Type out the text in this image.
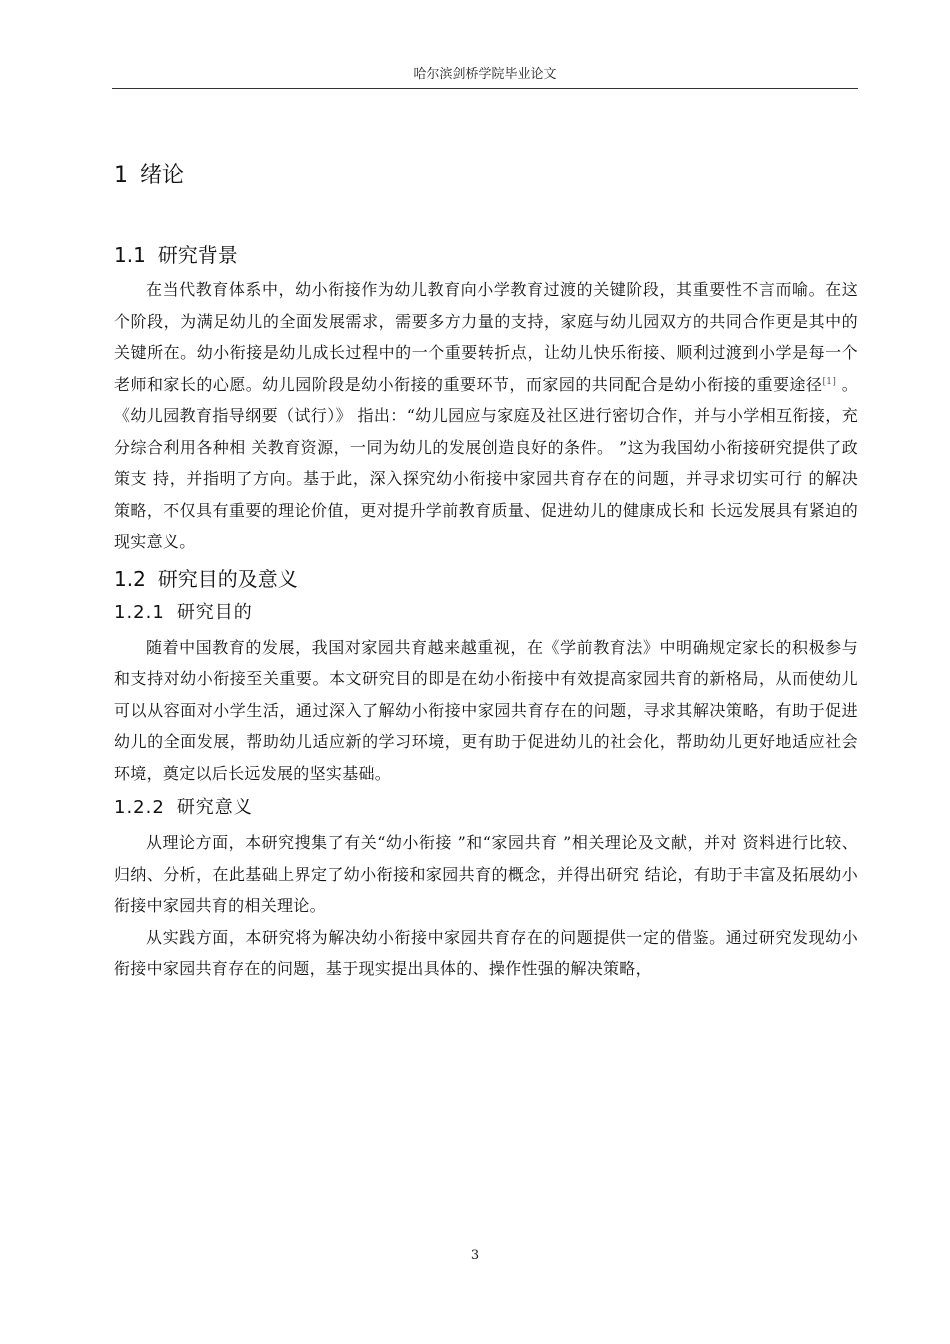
哈尔滨剑桥学院毕业论文
1 绪论
1.1 研究背景

在当代教育体系中，幼小衔接作为幼儿教育向小学教育过渡的关键阶段，其重要性不言而喻。在这个阶段，为满足幼儿的全面发展需求，需要多方力量的支持，家庭与幼儿园双方的共同合作更是其中的关键所在。幼小衔接是幼儿成长过程中的一个重要转折点，让幼儿快乐衔接、顺利过渡到小学是每一个老师和家长的心愿。幼儿园阶段是幼小衔接的重要环节，而家园的共同配合是幼小衔接的重要途径[1] 。《幼儿园教育指导纲要（试行）》 指出：“幼儿园应与家庭及社区进行密切合作，并与小学相互衔接，充分综合利用各种相 关教育资源，一同为幼儿的发展创造良好的条件。 ”这为我国幼小衔接研究提供了政策支 持，并指明了方向。基于此，深入探究幼小衔接中家园共育存在的问题，并寻求切实可行 的解决策略，不仅具有重要的理论价值，更对提升学前教育质量、促进幼儿的健康成长和 长远发展具有紧迫的现实意义。

1.2 研究目的及意义
1.2.1 研究目的

随着中国教育的发展，我国对家园共育越来越重视，在《学前教育法》中明确规定家长的积极参与和支持对幼小衔接至关重要。本文研究目的即是在幼小衔接中有效提高家园共育的新格局，从而使幼儿可以从容面对小学生活，通过深入了解幼小衔接中家园共育存在的问题，寻求其解决策略，有助于促进幼儿的全面发展，帮助幼儿适应新的学习环境，更有助于促进幼儿的社会化，帮助幼儿更好地适应社会环境，奠定以后长远发展的坚实基础。

1.2.2 研究意义

从理论方面，本研究搜集了有关“幼小衔接 ”和“家园共育 ”相关理论及文献，并对 资料进行比较、归纳、分析，在此基础上界定了幼小衔接和家园共育的概念，并得出研究 结论，有助于丰富及拓展幼小衔接中家园共育的相关理论。

从实践方面，本研究将为解决幼小衔接中家园共育存在的问题提供一定的借鉴。通过研究发现幼小衔接中家园共育存在的问题，基于现实提出具体的、操作性强的解决策略，

3
